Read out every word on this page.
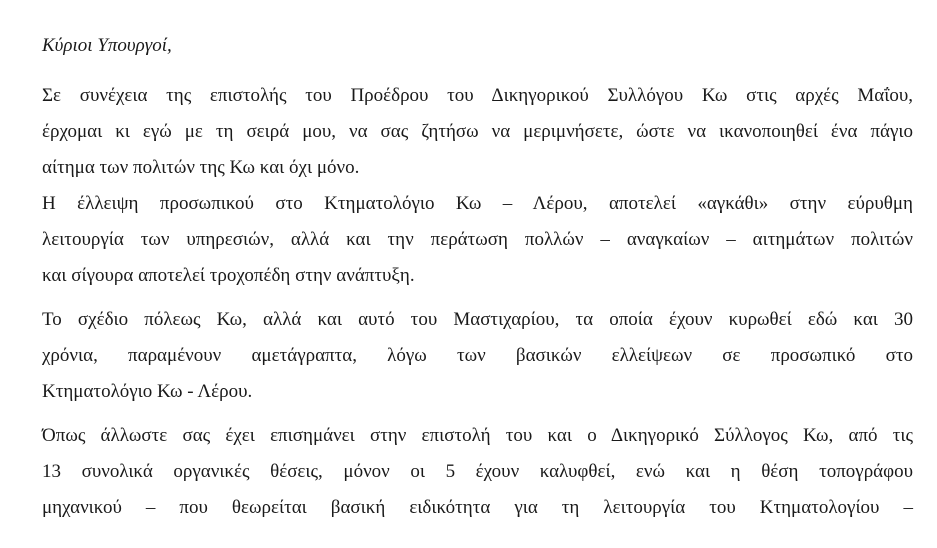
Κύριοι Υπουργοί,
Σε συνέχεια της επιστολής του Προέδρου του Δικηγορικού Συλλόγου Κω στις αρχές Μαΐου,
έρχομαι κι εγώ με τη σειρά μου, να σας ζητήσω να μεριμνήσετε, ώστε να ικανοποιηθεί ένα πάγιο
αίτημα των πολιτών της Κω και όχι μόνο.
Η έλλειψη προσωπικού στο Κτηματολόγιο Κω – Λέρου, αποτελεί «αγκάθι» στην εύρυθμη
λειτουργία των υπηρεσιών, αλλά και την περάτωση πολλών – αναγκαίων – αιτημάτων πολιτών
και σίγουρα αποτελεί τροχοπέδη στην ανάπτυξη.
Το σχέδιο πόλεως Κω, αλλά και αυτό του Μαστιχαρίου, τα οποία έχουν κυρωθεί εδώ και 30
χρόνια, παραμένουν αμετάγραπτα, λόγω των βασικών ελλείψεων σε προσωπικό στο
Κτηματολόγιο Κω - Λέρου.
Όπως άλλωστε σας έχει επισημάνει στην επιστολή του και ο Δικηγορικό Σύλλογος Κω, από τις
13 συνολικά οργανικές θέσεις, μόνον οι 5 έχουν καλυφθεί, ενώ και η θέση τοπογράφου
μηχανικού – που θεωρείται βασική ειδικότητα για τη λειτουργία του Κτηματολογίου –
